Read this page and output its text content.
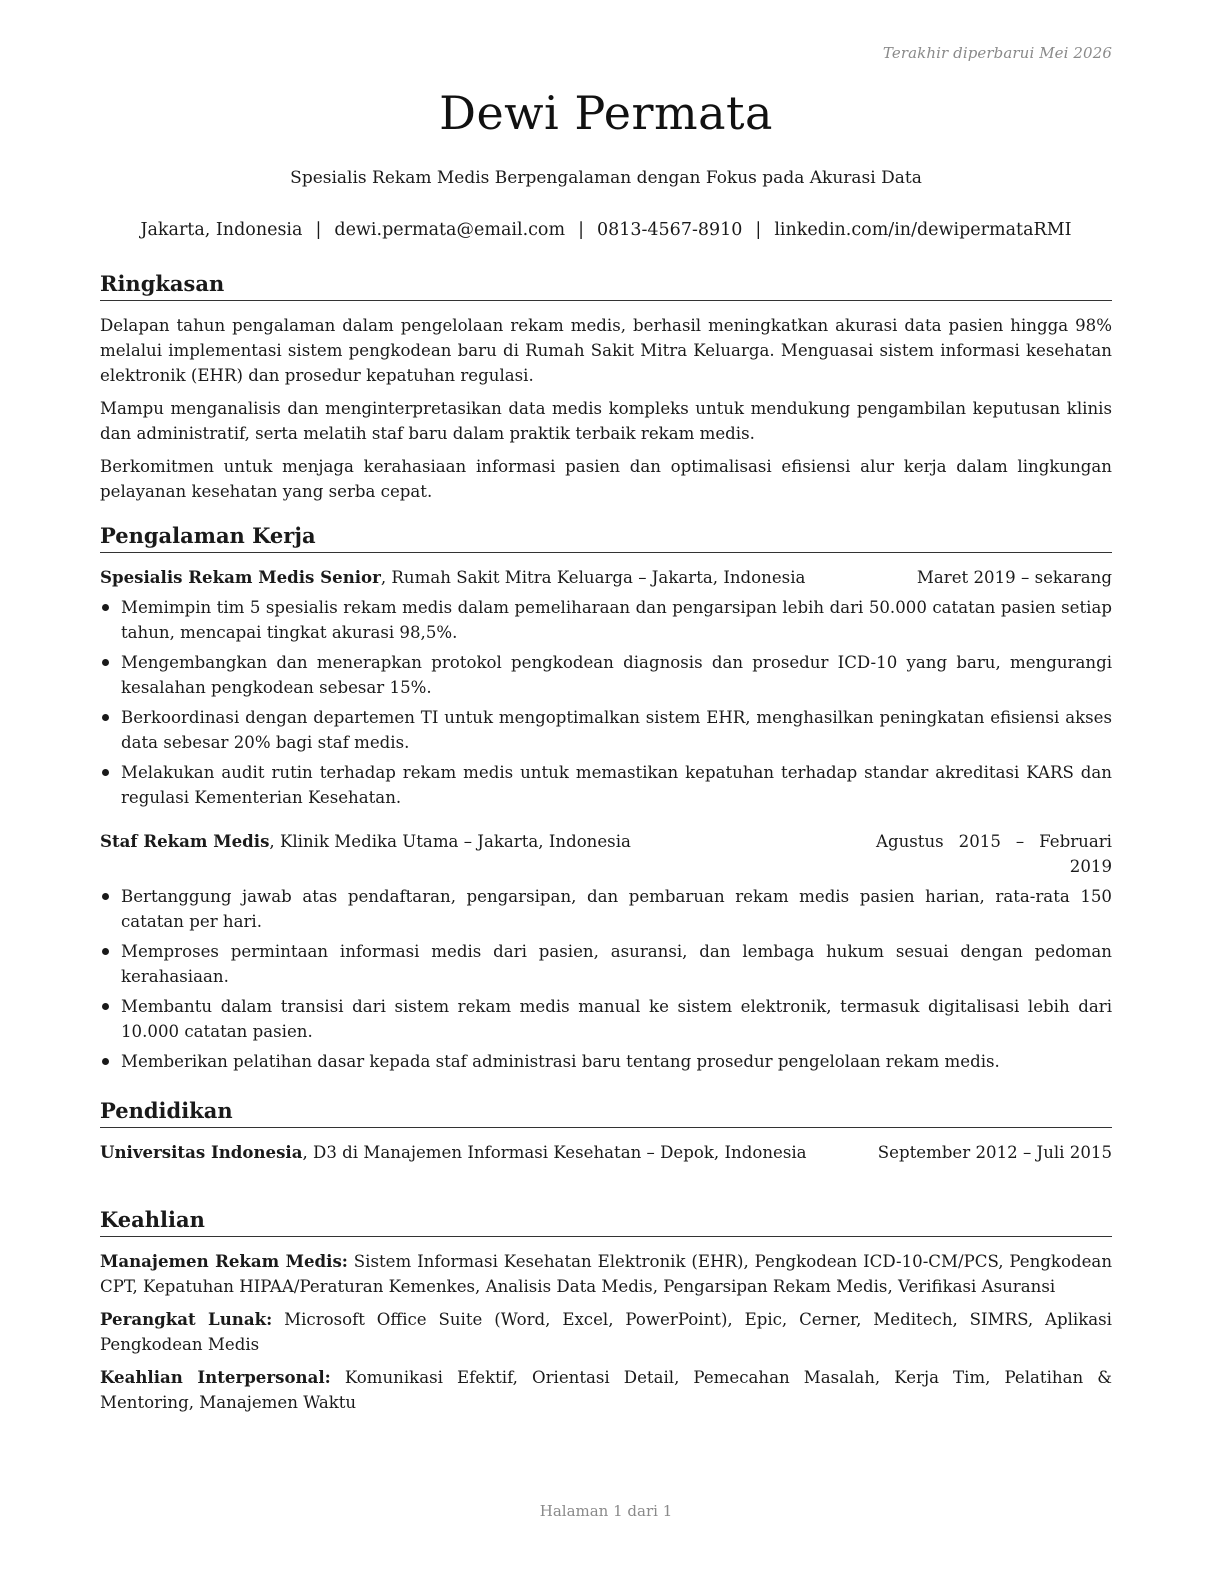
Terakhir diperbarui Mei 2026
Dewi Permata
Spesialis Rekam Medis Berpengalaman dengan Fokus pada Akurasi Data
Jakarta, Indonesia | dewi.permata@email.com | 0813-4567-8910 | linkedin.com/in/dewipermataRMI
Ringkasan

Delapan tahun pengalaman dalam pengelolaan rekam medis, berhasil meningkatkan akurasi data pasien hingga 98% melalui implementasi sistem pengkodean baru di Rumah Sakit Mitra Keluarga. Menguasai sistem informasi kesehatan elektronik (EHR) dan prosedur kepatuhan regulasi.

Mampu menganalisis dan menginterpretasikan data medis kompleks untuk mendukung pengambilan keputusan klinis dan administratif, serta melatih staf baru dalam praktik terbaik rekam medis.

Berkomitmen untuk menjaga kerahasiaan informasi pasien dan optimalisasi efisiensi alur kerja dalam lingkungan pelayanan kesehatan yang serba cepat.

Pengalaman Kerja
Spesialis Rekam Medis Senior, Rumah Sakit Mitra Keluarga – Jakarta, Indonesia	Maret 2019 – sekarang
Memimpin tim 5 spesialis rekam medis dalam pemeliharaan dan pengarsipan lebih dari 50.000 catatan pasien setiap tahun, mencapai tingkat akurasi 98,5%.
Mengembangkan dan menerapkan protokol pengkodean diagnosis dan prosedur ICD-10 yang baru, mengurangi kesalahan pengkodean sebesar 15%.
Berkoordinasi dengan departemen TI untuk mengoptimalkan sistem EHR, menghasilkan peningkatan efisiensi akses data sebesar 20% bagi staf medis.
Melakukan audit rutin terhadap rekam medis untuk memastikan kepatuhan terhadap standar akreditasi KARS dan regulasi Kementerian Kesehatan.
Staf Rekam Medis, Klinik Medika Utama – Jakarta, Indonesia	Agustus 2015 – Februari 2019
Bertanggung jawab atas pendaftaran, pengarsipan, dan pembaruan rekam medis pasien harian, rata-rata 150 catatan per hari.
Memproses permintaan informasi medis dari pasien, asuransi, dan lembaga hukum sesuai dengan pedoman kerahasiaan.
Membantu dalam transisi dari sistem rekam medis manual ke sistem elektronik, termasuk digitalisasi lebih dari 10.000 catatan pasien.
Memberikan pelatihan dasar kepada staf administrasi baru tentang prosedur pengelolaan rekam medis.
Pendidikan
Universitas Indonesia, D3 di Manajemen Informasi Kesehatan – Depok, Indonesia	September 2012 – Juli 2015
Keahlian
Manajemen Rekam Medis: Sistem Informasi Kesehatan Elektronik (EHR), Pengkodean ICD-10-CM/PCS, Pengkodean CPT, Kepatuhan HIPAA/Peraturan Kemenkes, Analisis Data Medis, Pengarsipan Rekam Medis, Verifikasi Asuransi
Perangkat Lunak: Microsoft Office Suite (Word, Excel, PowerPoint), Epic, Cerner, Meditech, SIMRS, Aplikasi Pengkodean Medis
Keahlian Interpersonal: Komunikasi Efektif, Orientasi Detail, Pemecahan Masalah, Kerja Tim, Pelatihan & Mentoring, Manajemen Waktu
Halaman 1 dari 1
